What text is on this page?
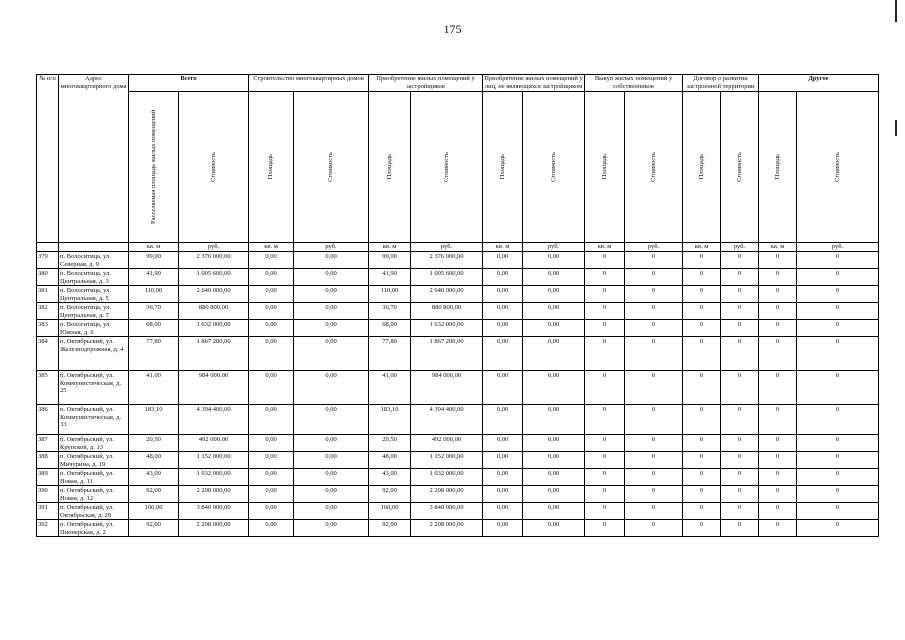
175
№ п/п	Адрес многоквартирного дома	Всего		Строительство многоквартирных домов		Приобретение жилых помещений у застройщиков		Приобретение жилых помещений у лиц, не являющихся застройщиком		Выкуп жилых помещений у собственников		Договор о развитии застроенной территории		Другое	

		Расселяемая площадь жилых помещений	Стоимость	Площадь	Стоимость	Площадь	Стоимость	Площадь	Стоимость	Площадь	Стоимость	Площадь	Стоимость	Площадь	Стоимость

		кв. м	руб.	кв. м	руб.	кв. м	руб.	кв. м	руб.	кв. м	руб.	кв. м	руб.	кв. м	руб.
379	п. Волоситица, ул. Северная, д. 9	99,00	2 376 000,00	0,00	0,00	99,00	2 376 000,00	0,00	0,00	0	0	0	0	0	0
380	п. Волоситица, ул. Центральная, д. 3	41,90	1 005 600,00	0,00	0,00	41,90	1 005 600,00	0,00	0,00	0	0	0	0	0	0
381	п. Волоситица, ул. Центральная, д. 5	110,00	2 640 000,00	0,00	0,00	110,00	2 640 000,00	0,00	0,00	0	0	0	0	0	0
382	п. Волоситица, ул. Центральная, д. 7	36,70	880 800,00	0,00	0,00	36,70	880 800,00	0,00	0,00	0	0	0	0	0	0
383	п. Волоситица, ул. Южная, д. 6	68,00	1 632 000,00	0,00	0,00	68,00	1 632 000,00	0,00	0,00	0	0	0	0	0	0
384	п. Октябрьский, ул. Железнодорожная, д. 4	77,80	1 867 200,00	0,00	0,00	77,80	1 867 200,00	0,00	0,00	0	0	0	0	0	0
385	п. Октябрьский, ул. Коммунистическая, д. 25	41,00	984 000,00	0,00	0,00	41,00	984 000,00	0,00	0,00	0	0	0	0	0	0
386	п. Октябрьский, ул. Коммунистическая, д. 33	183,10	4 394 400,00	0,00	0,00	183,10	4 394 400,00	0,00	0,00	0	0	0	0	0	0
387	п. Октябрьский, ул. Крупской, д. 13	20,50	492 000,00	0,00	0,00	20,50	492 000,00	0,00	0,00	0	0	0	0	0	0
388	п. Октябрьский, ул. Мичурина, д. 19	48,00	1 152 000,00	0,00	0,00	48,00	1 152 000,00	0,00	0,00	0	0	0	0	0	0
389	п. Октябрьский, ул. Новая, д. 11	43,00	1 032 000,00	0,00	0,00	43,00	1 032 000,00	0,00	0,00	0	0	0	0	0	0
390	п. Октябрьский, ул. Новая, д. 12	92,00	2 208 000,00	0,00	0,00	92,00	2 208 000,00	0,00	0,00	0	0	0	0	0	0
391	п. Октябрьский, ул. Октябрьская, д. 29	160,00	3 840 000,00	0,00	0,00	160,00	3 840 000,00	0,00	0,00	0	0	0	0	0	0
392	п. Октябрьский, ул. Пионерская, д. 2	92,00	2 208 000,00	0,00	0,00	92,00	2 208 000,00	0,00	0,00	0	0	0	0	0	0
